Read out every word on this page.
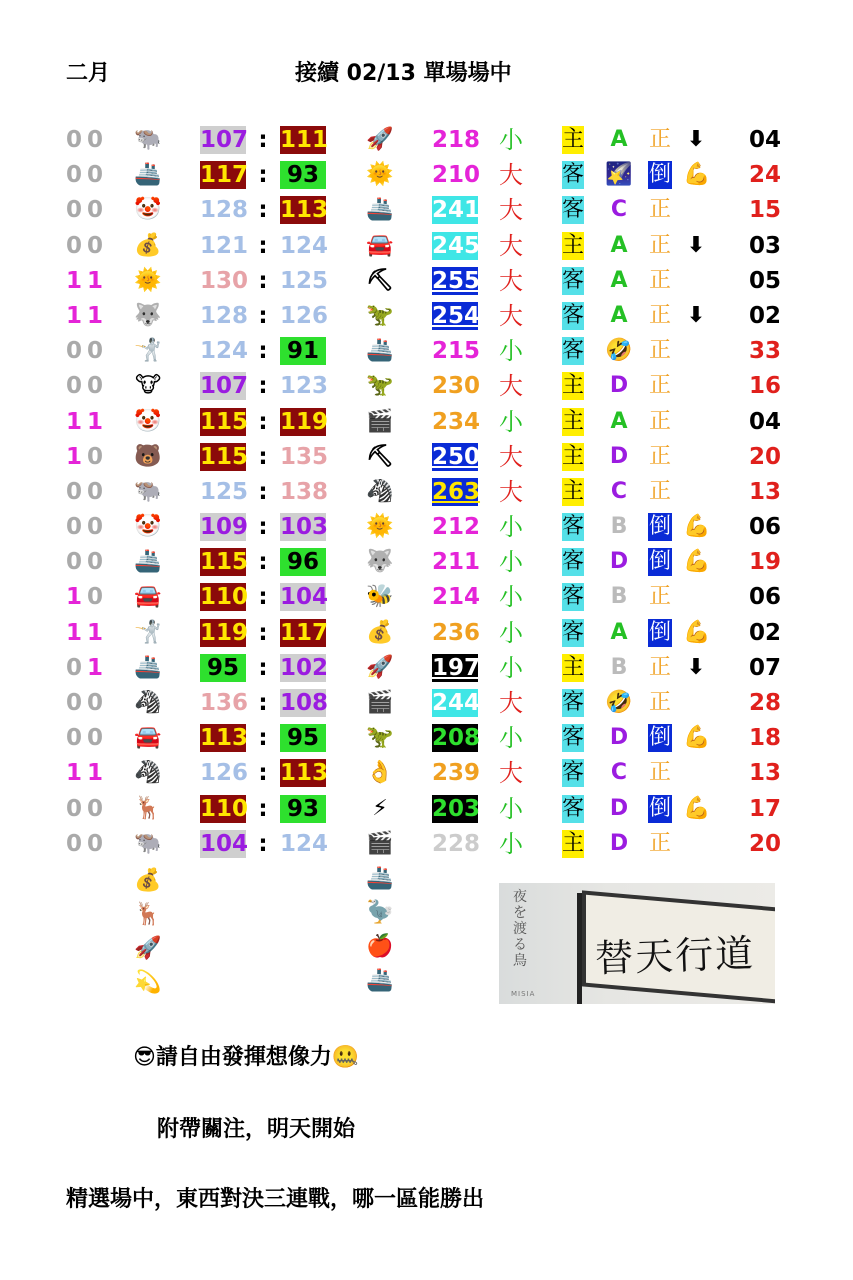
二月	接續 02/13 單場場中
0 0 🐃 107 : 111 🚀 218 小 主 A 正 ⬇	04
0 0 🚢 117 : 93	🌞 210 大 客 🌠 倒 💪	24
0 0 🤡 128 : 113 🚢 241 大 客	C 正	15
0 0 💰 121 : 124 🚘 245 大 主 A 正 ⬇	03
1 1 🌞 130 : 125 ⛏ 255 大 客 A 正	05
1 1 🐺 128 : 126 🦖 254 大 客 A 正 ⬇	02
0 0 🤺 124 : 91	🚢 215 小 客 🤣 正	33
0 0 🐮 107 : 123 🦖 230 大 主 D 正	16
1 1 🤡 115 : 119 🎬 234 小 主 A 正	04
1 0 🐻 115 : 135 ⛏ 250 大 主 D 正	20
0 0 🐃 125 : 138 🦓 263 大 主	C 正	13
0 0 🤡 109 : 103 🌞 212 小 客	B 倒 💪	06
0 0 🚢 115 : 96	🐺 211 小 客 D 倒 💪	19
1 0 🚘 110 : 104 🐝 214 小 客	B 正	06
1 1 🤺 119 : 117 💰 236 小 客 A 倒 💪	02
0 1 🚢	95 : 102 🚀 197 小 主	B 正 ⬇	07
0 0 🦓 136 : 108 🎬 244 大 客 🤣 正	28
0 0 🚘 113 : 95	🦖 208 小 客 D 倒 💪	18
1 1 🦓 126 : 113 👌 239 大 客	C 正	13
0 0 🦌 110 : 93	⚡	203 小 客 D 倒 💪	17
0 0 🐃 104 : 124 🎬 228 小 主 D 正	20
💰
🦌
🚀
💫
🚢
🦤
🍎
🚢
夜を渡る鳥
MISIA
替天行道
😎請自由發揮想像力🤐
附帶關注，明天開始
精選場中，東西對決三連戰，哪一區能勝出
